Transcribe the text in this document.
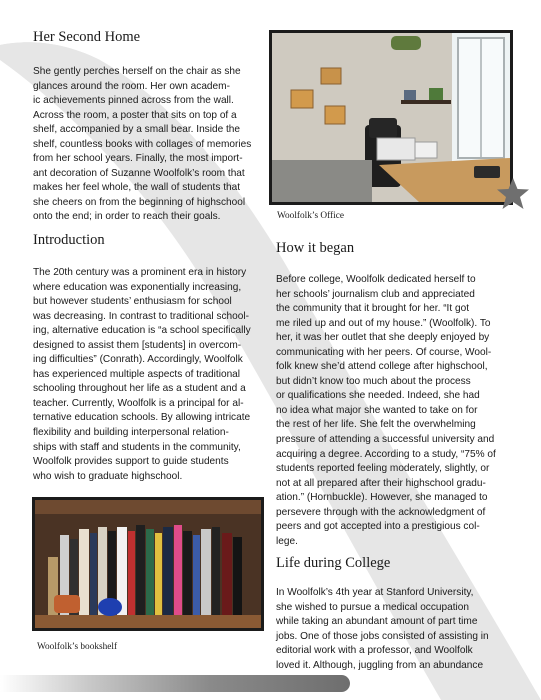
Her Second Home
She gently perches herself on the chair as she
glances around the room. Her own academ-
ic achievements pinned across from the wall.
Across the room, a poster that sits on top of a
shelf, accompanied by a small bear. Inside the
shelf, countless books with collages of memories
from her school years. Finally, the most import-
ant decoration of Suzanne Woolfolk’s room that
makes her feel whole, the wall of students that
she cheers on from the beginning of highschool
onto the end; in order to reach their goals.
Introduction
The 20th century was a prominent era in history
where education was exponentially increasing,
but however students’ enthusiasm for school
was decreasing. In contrast to traditional school-
ing, alternative education is “a school specifically
designed to assist them [students] in overcom-
ing difficulties” (Conrath). Accordingly, Woolfolk
has experienced multiple aspects of traditional
schooling throughout her life as a student and a
teacher. Currently, Woolfolk is a principal for al-
ternative education schools. By allowing intricate
flexibility and building interpersonal relation-
ships with staff and students in the community,
Woolfolk provides support to guide students
who wish to graduate highschool.
Woolfolk’s Office
How it began
Before college, Woolfolk dedicated herself to
her schools’ journalism club and appreciated
the community that it brought for her. “It got
me riled up and out of my house.” (Woolfolk). To
her, it was her outlet that she deeply enjoyed by
communicating with her peers. Of course, Wool-
folk knew she’d attend college after highschool,
but didn’t know too much about the process
or qualifications she needed. Indeed, she had
no idea what major she wanted to take on for
the rest of her life. She felt the overwhelming
pressure of attending a successful university and
acquiring a degree. According to a study, “75% of
students reported feeling moderately, slightly, or
not at all prepared after their highschool gradu-
ation.” (Hornbuckle). However, she managed to
persevere through with the acknowledgment of
peers and got accepted into a prestigious col-
lege.
Life during College
In Woolfolk’s 4th year at Stanford University,
she wished to pursue a medical occupation
while taking an abundant amount of part time
jobs. One of those jobs consisted of assisting in
editorial work with a professor, and Woolfolk
loved it. Although, juggling from an abundance
Woolfolk’s bookshelf
